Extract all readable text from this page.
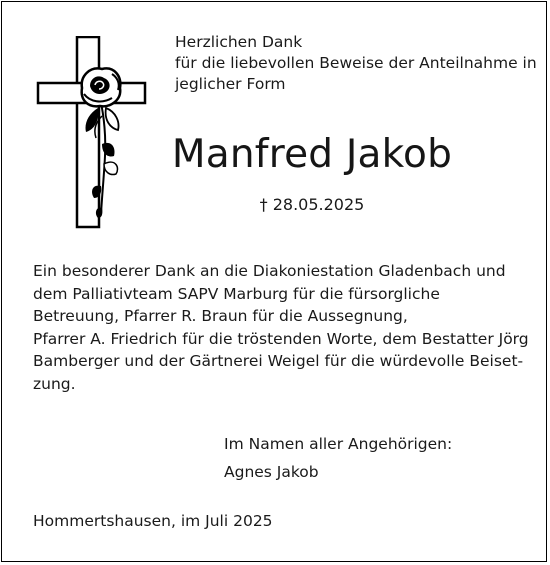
Herzlichen Dank
für die liebevollen Beweise der Anteilnahme in
jeglicher Form
Manfred Jakob
† 28.05.2025
Ein besonderer Dank an die Diakoniestation Gladenbach und
dem Palliativteam SAPV Marburg für die fürsorgliche
Betreuung, Pfarrer R. Braun für die Aussegnung,
Pfarrer A. Friedrich für die tröstenden Worte, dem Bestatter Jörg
Bamberger und der Gärtnerei Weigel für die würdevolle Beiset-
zung.
Im Namen aller Angehörigen:
Agnes Jakob
Hommertshausen, im Juli 2025
